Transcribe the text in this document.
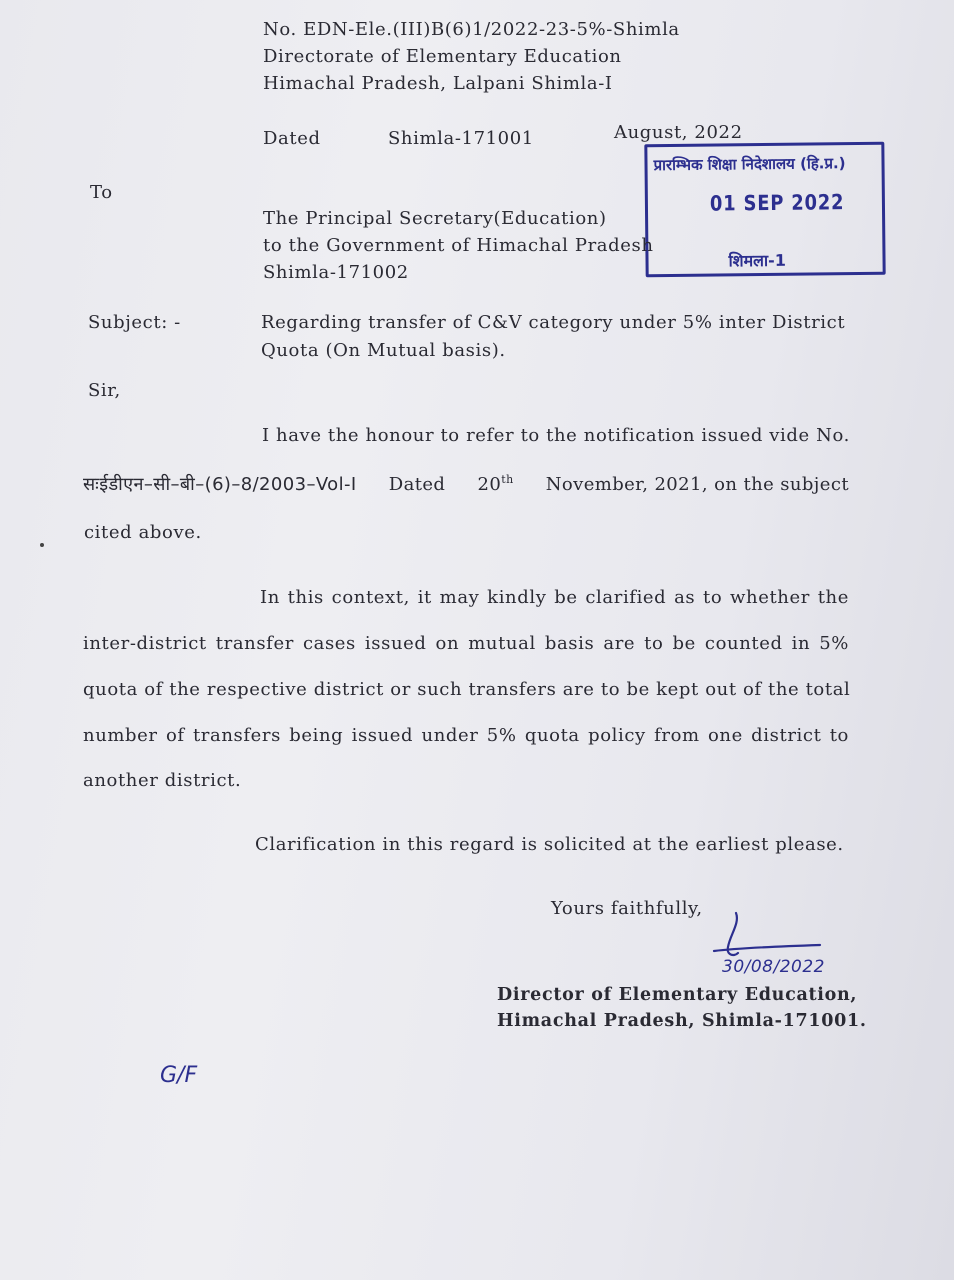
No. EDN-Ele.(III)B(6)1/2022-23-5%-Shimla
Directorate of Elementary Education
Himachal Pradesh, Lalpani Shimla-I
Dated	Shimla-171001	August, 2022
प्रारम्भिक शिक्षा निदेशालय (हि.प्र.)
01 SEP 2022
शिमला-1
To
The Principal Secretary(Education)
to the Government of Himachal Pradesh
Shimla-171002
Subject: -	Regarding transfer of C&V category under 5% inter District
Quota (On Mutual basis).
Sir,
I have the honour to refer to the notification issued vide No.
सःईडीएन–सी–बी–(6)–8/2003–Vol-I Dated 20th November, 2021, on the subject
cited above.
In this context, it may kindly be clarified as to whether the
inter-district transfer cases issued on mutual basis are to be counted in 5%
quota of the respective district or such transfers are to be kept out of the total
number of transfers being issued under 5% quota policy from one district to
another district.
Clarification in this regard is solicited at the earliest please.
Yours faithfully,
30/08/2022
Director of Elementary Education,
Himachal Pradesh, Shimla-171001.
G/F
